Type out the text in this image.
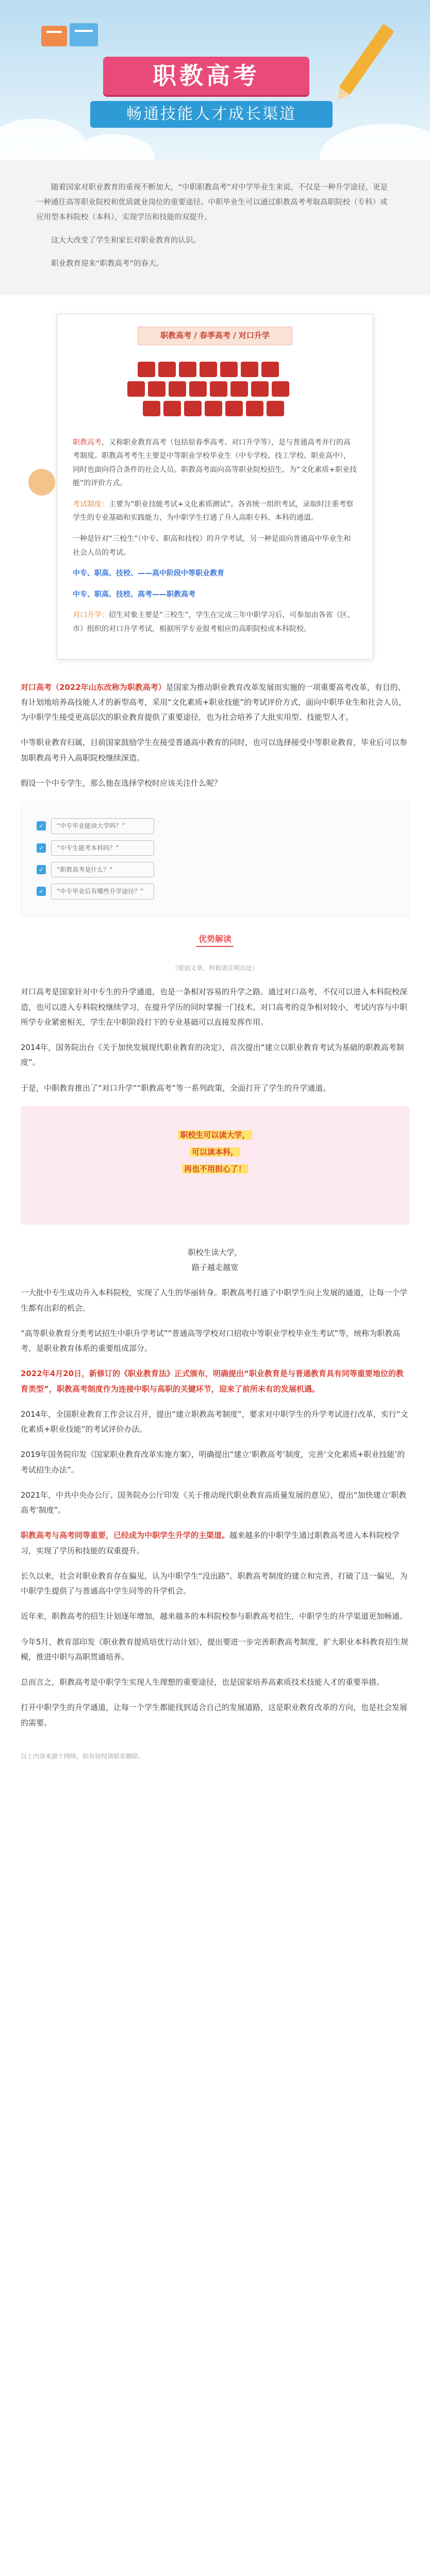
职教高考
畅通技能人才成长渠道

随着国家对职业教育的重视不断加大，“中职职教高考”对中学毕业生来说，不仅是一种升学途径，更是一种通往高等职业院校和优质就业岗位的重要途径。中职毕业生可以通过职教高考考取高职院校（专科）或应用型本科院校（本科），实现学历和技能的双提升。

这大大改变了学生和家长对职业教育的认识。

职业教育迎来“职教高考”的春天。

职教高考 / 春季高考 / 对口升学

职教高考，又称职业教育高考（包括原春季高考、对口升学等），是与普通高考并行的高考制度。职教高考考生主要是中等职业学校毕业生（中专学校、技工学校、职业高中），同时也面向符合条件的社会人员。职教高考面向高等职业院校招生，为“文化素质+职业技能”的评价方式。

考试制度：主要为“职业技能考试+文化素质测试”。各省统一组织考试，录取时注重考察学生的专业基础和实践能力，为中职学生打通了升入高职专科、本科的通道。

一种是针对“三校生”（中专、职高和技校）的升学考试，另一种是面向普通高中毕业生和社会人员的考试。

中专、职高、技校、——高中阶段中等职业教育

中专、职高、技校、高考——职教高考

对口升学：招生对象主要是“三校生”，学生在完成三年中职学习后，可参加由各省（区、市）组织的对口升学考试，根据所学专业报考相应的高职院校或本科院校。

对口高考（2022年山东改称为职教高考）是国家为推动职业教育改革发展而实施的一项重要高考改革，有目的、有计划地培养高技能人才的新型高考，采用“文化素质+职业技能”的考试评价方式，面向中职毕业生和社会人员，为中职学生接受更高层次的职业教育提供了重要途径，也为社会培养了大批实用型、技能型人才。

中等职业教育归属，目前国家鼓励学生在接受普通高中教育的同时，也可以选择接受中等职业教育，毕业后可以参加职教高考升入高职院校继续深造。

假设一个中专学生，那么他在选择学校时应该关注什么呢？

✓	“中专毕业能读大学吗？”
✓	“中专生能考本科吗？”
✓	“职教高考是什么？”
✓	“中专毕业后有哪些升学途径？”
优势解读

（原创文章，转载请注明出处）

对口高考是国家针对中专生的升学通道，也是一条相对容易的升学之路。通过对口高考，不仅可以进入本科院校深造，也可以进入专科院校继续学习，在提升学历的同时掌握一门技术。对口高考的竞争相对较小，考试内容与中职所学专业紧密相关，学生在中职阶段打下的专业基础可以直接发挥作用。

2014年，国务院出台《关于加快发展现代职业教育的决定》，首次提出“建立以职业教育考试为基础的职教高考制度”。

于是，中职教育推出了“对口升学”“职教高考”等一系列政策，全面打开了学生的升学通道。

职校生可以读大学，
可以读本科，
再也不用担心了！

职校生读大学，
路子越走越宽

一大批中专生成功升入本科院校，实现了人生的华丽转身。职教高考打通了中职学生向上发展的通道，让每一个学生都有出彩的机会。

“高等职业教育分类考试招生中职升学考试”“普通高等学校对口招收中等职业学校毕业生考试”等，统称为职教高考，是职业教育体系的重要组成部分。

2022年4月20日，新修订的《职业教育法》正式颁布，明确提出“职业教育是与普通教育具有同等重要地位的教育类型”，职教高考制度作为连接中职与高职的关键环节，迎来了前所未有的发展机遇。

2014年，全国职业教育工作会议召开，提出“建立职教高考制度”，要求对中职学生的升学考试进行改革，实行“文化素质+职业技能”的考试评价办法。

2019年国务院印发《国家职业教育改革实施方案》，明确提出“建立‘职教高考’制度，完善‘文化素质+职业技能’的考试招生办法”。

2021年，中共中央办公厅、国务院办公厅印发《关于推动现代职业教育高质量发展的意见》，提出“加快建立‘职教高考’制度”。

职教高考与高考同等重要，已经成为中职学生升学的主渠道。越来越多的中职学生通过职教高考进入本科院校学习，实现了学历和技能的双重提升。

长久以来，社会对职业教育存在偏见，认为中职学生“没出路”。职教高考制度的建立和完善，打破了这一偏见，为中职学生提供了与普通高中学生同等的升学机会。

近年来，职教高考的招生计划逐年增加，越来越多的本科院校参与职教高考招生，中职学生的升学渠道更加畅通。

今年5月，教育部印发《职业教育提质培优行动计划》，提出要进一步完善职教高考制度，扩大职业本科教育招生规模，推进中职与高职贯通培养。

总而言之，职教高考是中职学生实现人生理想的重要途径，也是国家培养高素质技术技能人才的重要举措。

打开中职学生的升学通道，让每一个学生都能找到适合自己的发展道路，这是职业教育改革的方向，也是社会发展的需要。

以上内容来源于网络，如有侵权请联系删除。
